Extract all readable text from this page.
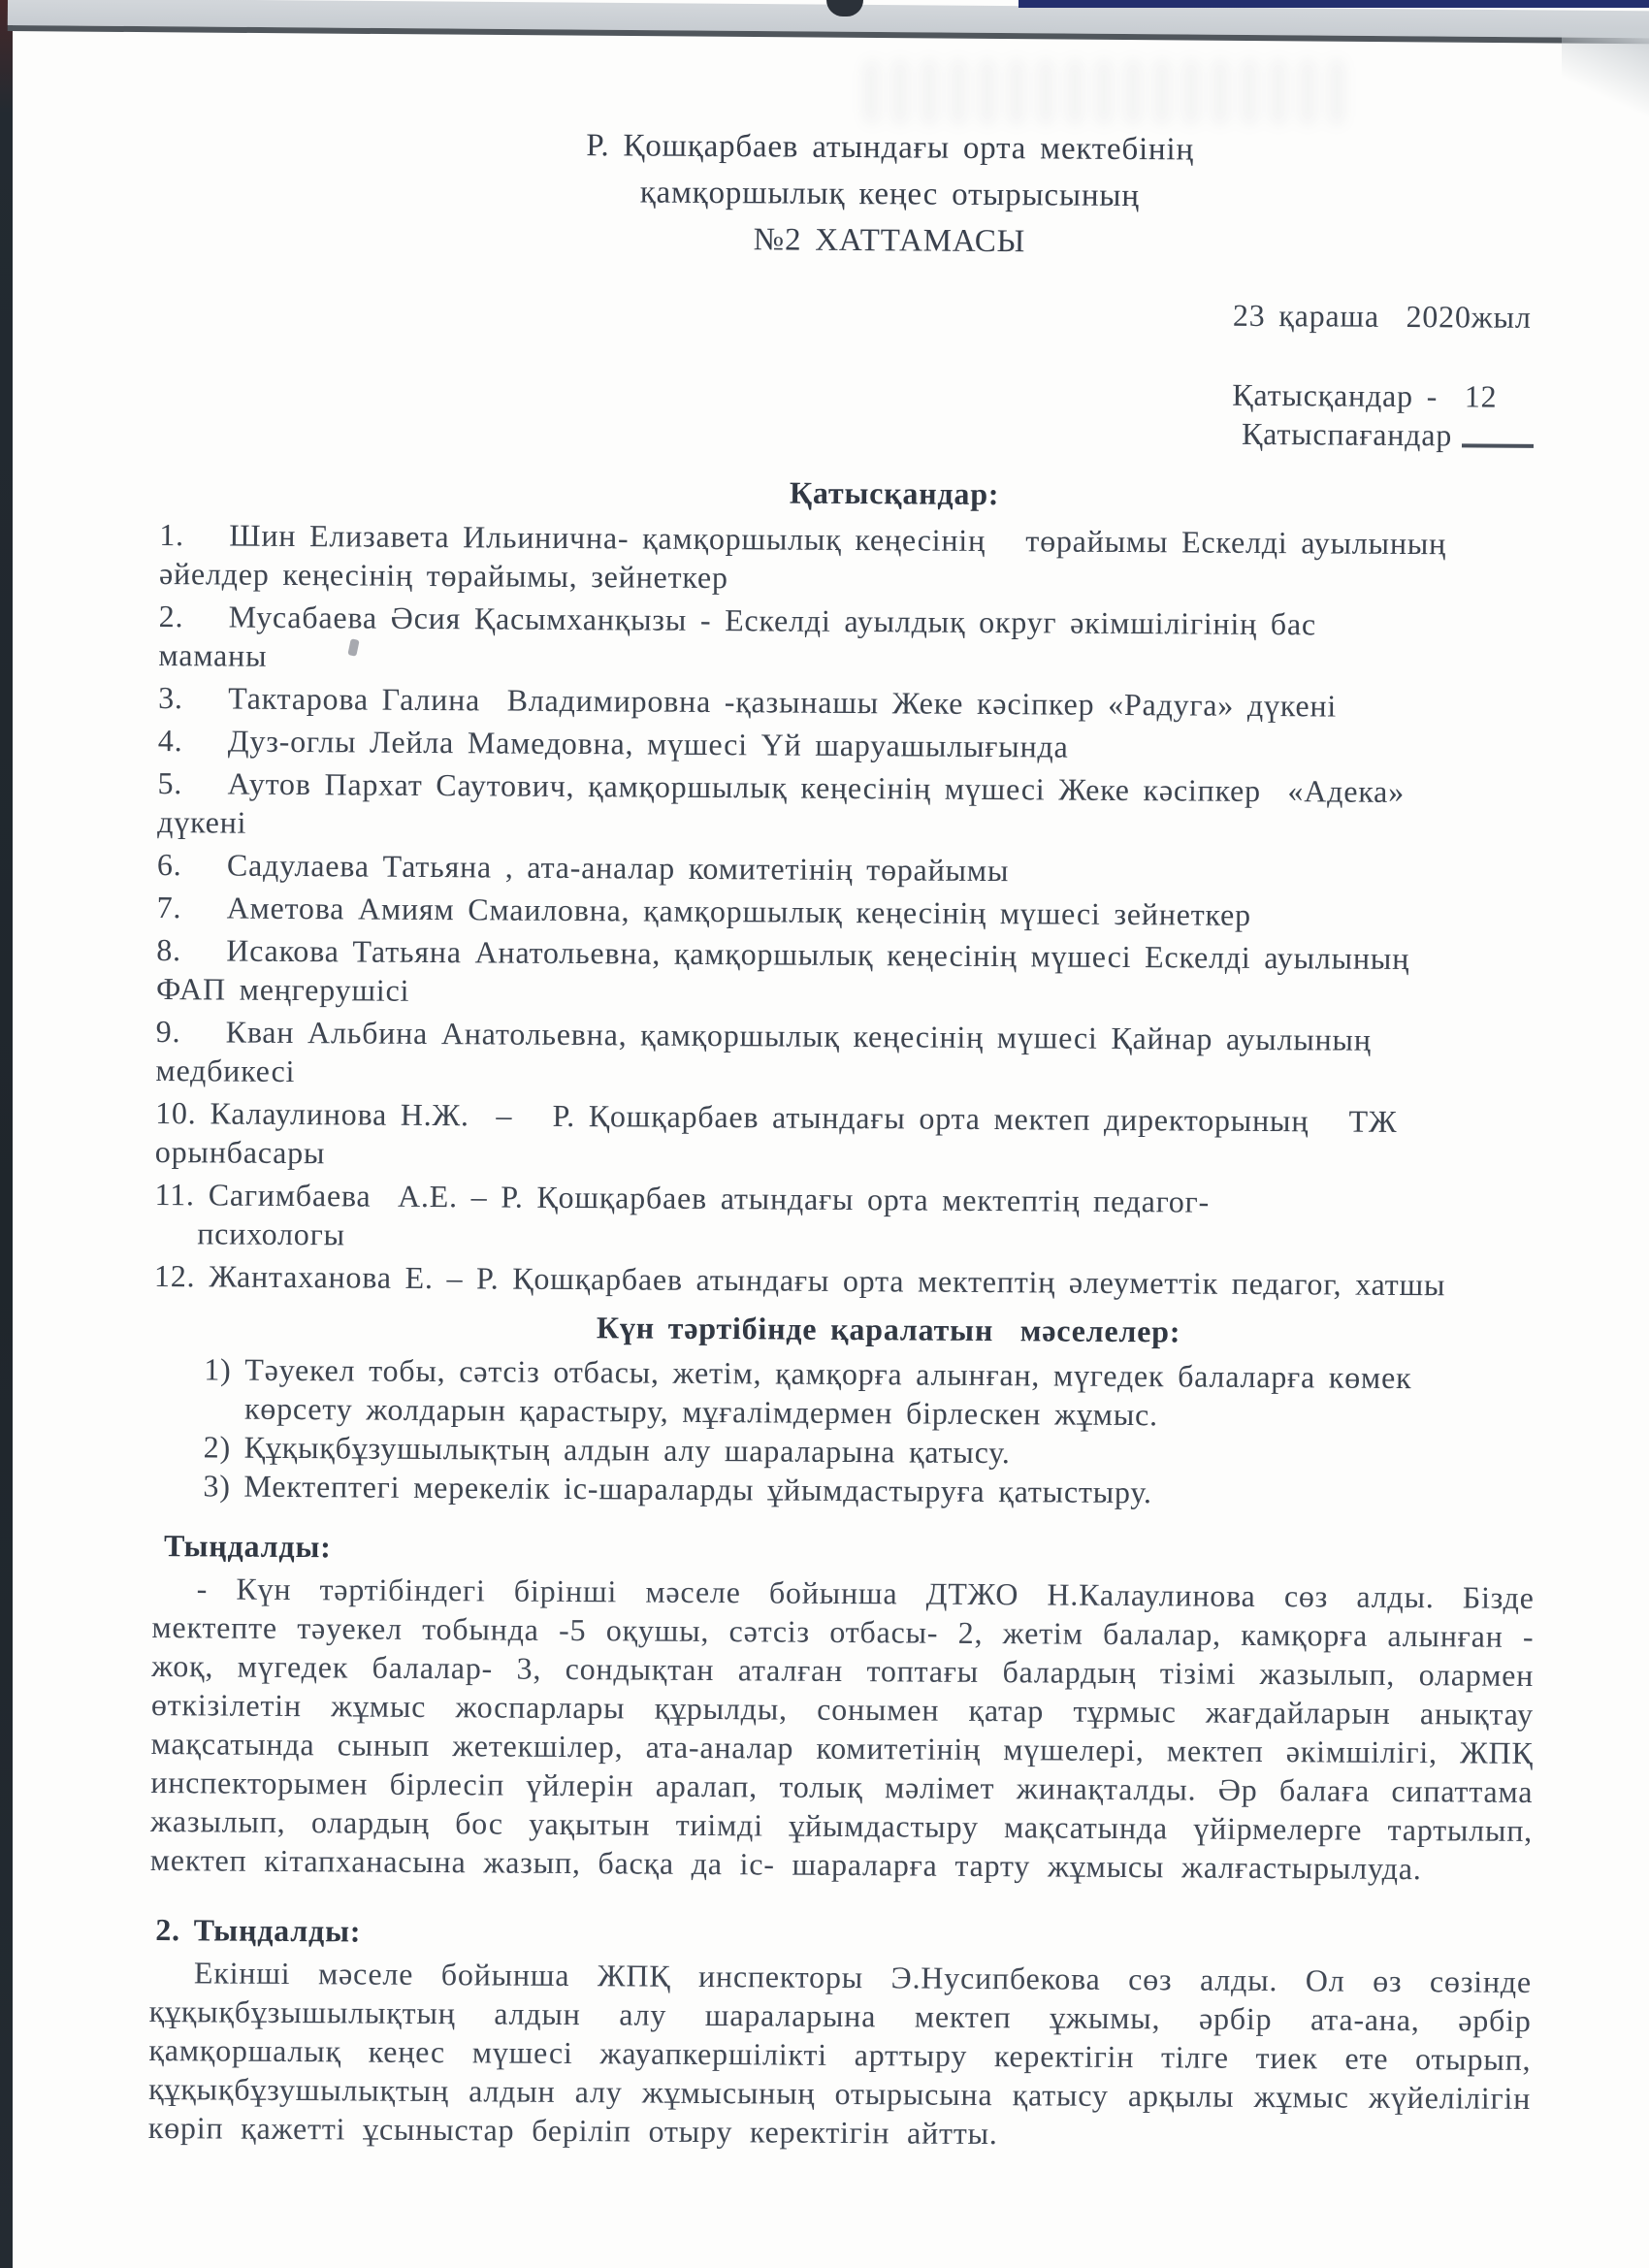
Р. Қошқарбаев атындағы орта мектебінің
қамқоршылық кеңес отырысының
№2 ХАТТАМАСЫ
23 қараша  2020жыл
Қатысқандар -  12
Қатыспағандар
Қатысқандар:
1. Шин Елизавета Ильинична- қамқоршылық кеңесінің   төрайымы Ескелді ауылының
әйелдер кеңесінің төрайымы, зейнеткер
2. Мусабаева Әсия Қасымханқызы - Ескелді ауылдық округ әкімшілігінің бас
маманы
3. Тактарова Галина  Владимировна -қазынашы Жеке кәсіпкер «Радуга» дүкені
4. Дуз-оглы Лейла Мамедовна, мүшесі Үй шаруашылығында
5. Аутов Пархат Саутович, қамқоршылық кеңесінің мүшесі Жеке кәсіпкер  «Адека»
дүкені
6. Садулаева Татьяна , ата-аналар комитетінің төрайымы
7. Аметова Амиям Смаиловна, қамқоршылық кеңесінің мүшесі зейнеткер
8. Исакова Татьяна Анатольевна, қамқоршылық кеңесінің мүшесі Ескелді ауылының
ФАП меңгерушісі
9. Кван Альбина Анатольевна, қамқоршылық кеңесінің мүшесі Қайнар ауылының
медбикесі
10. Калаулинова Н.Ж.  –   Р. Қошқарбаев атындағы орта мектеп директорының   ТЖ
орынбасары
11. Сагимбаева  А.Е. – Р. Қошқарбаев атындағы орта мектептің педагог-
психологы
12. Жантаханова Е. – Р. Қошқарбаев атындағы орта мектептің әлеуметтік педагог, хатшы
Күн тәртібінде қаралатын  мәселелер:
1) Тәуекел тобы, сәтсіз отбасы, жетім, қамқорға алынған, мүгедек балаларға көмек
көрсету жолдарын қарастыру, мұғалімдермен бірлескен жұмыс.
2) Құқықбұзушылықтың алдын алу шараларына қатысу.
3) Мектептегі мерекелік іс-шараларды ұйымдастыруға қатыстыру.
Тыңдалды:

- Күн тәртібіндегі бірінші мәселе бойынша ДТЖО Н.Калаулинова сөз алды. Бізде мектепте тәуекел тобында -5 оқушы, сәтсіз отбасы- 2, жетім балалар, камқорға алынған - жоқ, мүгедек балалар- 3, сондықтан аталған топтағы балардың тізімі жазылып, олармен өткізілетін жұмыс жоспарлары құрылды, сонымен қатар тұрмыс жағдайларын анықтау мақсатында сынып жетекшілер, ата-аналар комитетінің мүшелері, мектеп әкімшілігі, ЖПҚ инспекторымен бірлесіп үйлерін аралап, толық мәлімет жинақталды. Әр балаға сипаттама жазылып, олардың бос уақытын тиімді ұйымдастыру мақсатында үйірмелерге тартылып, мектеп кітапханасына жазып, басқа да іс- шараларға тарту жұмысы жалғастырылуда.

2. Тыңдалды:

Екінші мәселе бойынша ЖПҚ инспекторы Э.Нусипбекова сөз алды. Ол өз сөзінде құқықбұзышылықтың алдын алу шараларына мектеп ұжымы, әрбір ата-ана, әрбір қамқоршалық кеңес мүшесі жауапкершілікті арттыру керектігін тілге тиек ете отырып, құқықбұзушылықтың алдын алу жұмысының отырысына қатысу арқылы жұмыс жүйелілігін көріп қажетті ұсыныстар беріліп отыру керектігін айтты.
